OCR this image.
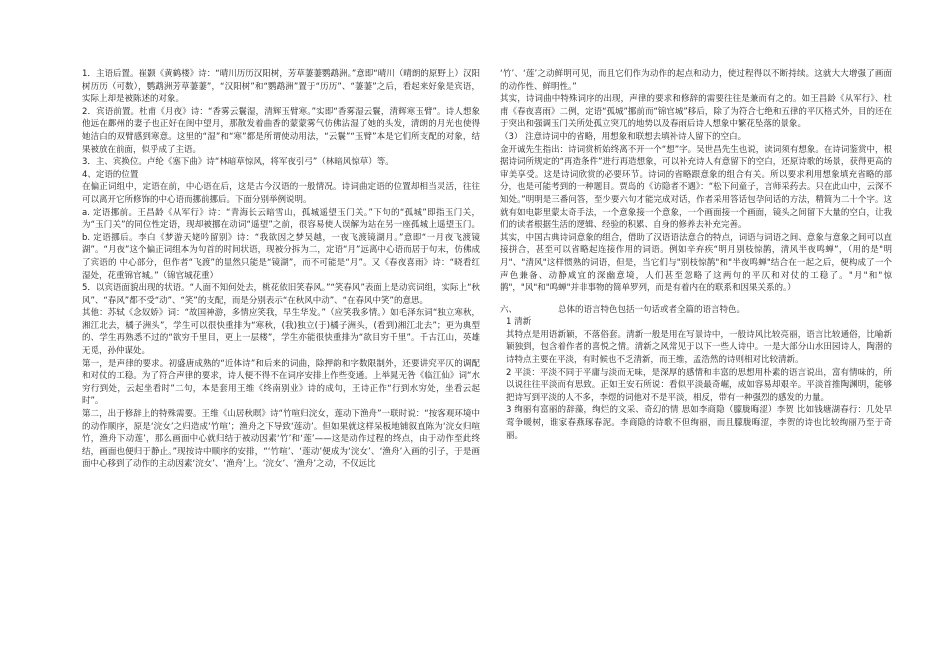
1．主语后置。崔颢《黄鹤楼》诗：“晴川历历汉阳树，芳草萋萋鹦鹉洲。”意即“晴川（晴朗的原野上）汉阳树历历（可数），鹦鹉洲芳草萋萋”，“汉阳树”和“鹦鹉洲”置于“历历”、“萋萋”之后，看起来好象是宾语，实际上却是被陈述的对象。

2．宾语前置。杜甫《月夜》诗：“香雾云鬟湿，清辉玉臂寒。”实即“香雾湿云鬟，清辉寒玉臂”。诗人想象他远在鄜州的妻子也正好在闺中望月，那散发着曲香的蒙蒙雾气仿佛沾湿了她的头发，清朗的月光也使得她洁白的双臂感到寒意。这里的“湿”和“寒”都是所谓使动用法，“云鬟”“玉臂”本是它们所支配的对象，结果被放在前面，似乎成了主语。

3．主、宾换位。卢纶《塞下曲》诗“林暗草惊风，将军夜引弓”（林暗风惊草）等。

4、定语的位置

在偏正词组中，定语在前，中心语在后，这是古今汉语的一般情况。诗词曲定语的位置却相当灵活，往往可以离开它所修饰的中心语而挪前挪后。下面分别举例说明。

a. 定语挪前。王昌龄《从军行》诗：“青海长云暗雪山，孤城遥望玉门关。”下句的“孤城”即指玉门关，为“玉门关”的同位性定语，现却被挪在动词“遥望”之前，很容易使人误解为站在另一座孤城上遥望玉门。b. 定语挪后。李白《梦游天姥吟留别》诗：“我欲因之梦吴越，一夜飞渡镜湖月。”意即“一月夜飞渡镜湖”。“月夜”这个偏正词组本为句首的时间状语，现被分拆为二，定语“月”远离中心语而居于句末，仿佛成了宾语的 中心部分，但作者“飞渡”的显然只能是“镜湖”，而不可能是“月”。又《春夜喜雨》诗：“晓看红湿处，花重锦官城。”（锦官城花重）

5．以宾语面貌出现的状语。“人面不知何处去，桃花依旧笑春风。”“笑春风”表面上是动宾词组，实际上“秋风”、“春风”都不受“动”、“笑”的支配，而是分别表示“在秋风中动”、“在春风中笑”的意思。

其他：苏轼《念奴娇》词：“故国神游，多情应笑我，早生华发。”（应笑我多情。）如毛泽东词“独立寒秋，湘江北去，橘子洲头”，学生可以很快重排为“寒秋，(我)独立(于)橘子洲头，(看到)湘江北去”；更为典型的、学生再熟悉不过的“欲穷千里目，更上一层楼”，学生亦能很快重排为“欲目穷千里”。千古江山，英雄无觅，孙仲谋处。

第一，是声律的要求。初盛唐成熟的“近体诗”和后来的词曲，除押韵和字数限制外，还要讲究平仄的调配和对仗的工稳。为了符合声律的要求，诗人便不得不在词序安排上作些变通。上举晁无咎《临江仙》词“水穷行到处，云起坐看时”二句，本是套用王维《终南别业》诗的成句，王诗正作“行到水穷处，坐看云起时”。

第二，出于修辞上的特殊需要。王维《山居秋暝》诗“竹喧归浣女，莲动下渔舟”一联时说：“按客观环境中的动作顺序，原是‘浣女’之归造成‘竹喧’；渔舟之下导致‘莲动’。但如果就这样呆板地铺叙直陈为‘浣女归喧竹，渔舟下动莲’，那么画面中心就归结于被动因素‘竹’和‘莲’——这是动作过程的终点，由于动作至此终结，画面也便归于静止。”现按诗中顺序的安排，“‘竹喧’、‘莲动’便成为‘浣女’、‘渔舟’入画的引子，于是画面中心移到了动作的主动因素‘浣女’、‘渔舟’上。‘浣女’、‘渔舟’之动，不仅远比

‘竹’、‘莲’之动鲜明可见，而且它们作为动作的起点和动力，使过程得以不断持续。这就大大增强了画面的动作性、鲜明性。”

其实，诗词曲中特殊词序的出现，声律的要求和修辞的需要往往是兼而有之的。如王昌龄《从军行》、杜甫《春夜喜雨》二例，定语“孤城”挪前而“锦官城”移后，除了为符合七绝和五律的平仄格式外，目的还在于突出和强调玉门关所处孤立突兀的地势以及春雨后诗人想象中繁花坠落的景象。

（3） 注意诗词中的省略，用想象和联想去填补诗人留下的空白。

金开诚先生指出：诗词赏析始终离不开一个“想”字。吴世昌先生也说，读词须有想象。在诗词鉴赏中，根据诗词所规定的“再造条件”进行再造想象，可以补充诗人有意留下的空白，还原诗歌的场景，获得更高的审美享受。这是诗词欣赏的必要环节。诗词的省略跟意象的组合有关。所以要求利用想象填充省略的部分，也是可能考到的一种题目。贾岛的《访隐者不遇》：“松下问童子，言师采药去。只在此山中，云深不知处。”明明是三番问答，至少要六句才能完成对话，作者采用答话包孕问话的方法，精简为二十个字。这就有如电影里蒙太奇手法，一个意象接一个意象，一个画面接一个画面，镜头之间留下大量的空白，让我们的读者根据生活的逻辑、经验的积累、自身的修养去补充完善。

其实，中国古典诗词意象的组合，借助了汉语语法意合的特点，词语与词语之间、意象与意象之间可以直接拼合，甚至可以省略起连接作用的词语。例如辛弃疾“明月别枝惊鹊，清风半夜鸣蝉”，（用的是"明月"、"清风"这样惯熟的词语，但是，当它们与"别枝惊鹊"和"半夜鸣蝉"结合在一起之后，便构成了一个声色兼备、动静咸宜的深幽意境，人们甚至忽略了这两句的平仄和对仗的工稳了。"月"和"惊鹊"，"风"和"鸣蝉"并非事物的简单罗列，而是有着内在的联系和因果关系的。）

六、	总体的语言特色包括一句话或者全篇的语言特色。

1 清新

其特点是用语新颖，不落俗套。清新一般是用在写景诗中，一般诗风比较亮丽，语言比较通俗，比喻新颖独到，包含着作者的喜悦之情。清新之风常见于以下一些人诗中。一是大部分山水田园诗人，陶潜的诗特点主要在平淡，有时候也不乏清新，而王维，孟浩然的诗则相对比较清新。

2 平淡：平淡不同于平庸与淡而无味，是深厚的感情和丰富的思想用朴素的语言说出，富有情味的，所以说往往平淡而有思致。正如王安石所说：看似平淡最奇崛，成如容易却艰辛。平淡首推陶渊明，能够把诗写到平淡的人不多，李煜的词他对不是平淡，相反，带有一种强烈的感发的力量。

3 绚丽有富丽的辞藻，绚烂的文采、奇幻的情 思如李商隐（朦胧晦涩）李贺 比如钱塘湖春行：几处早莺争暖树，谁家春燕琢春泥。李商隐的诗歌不但绚丽，而且朦胧晦涩，李贺的诗也比较绚丽乃至于奇丽。
